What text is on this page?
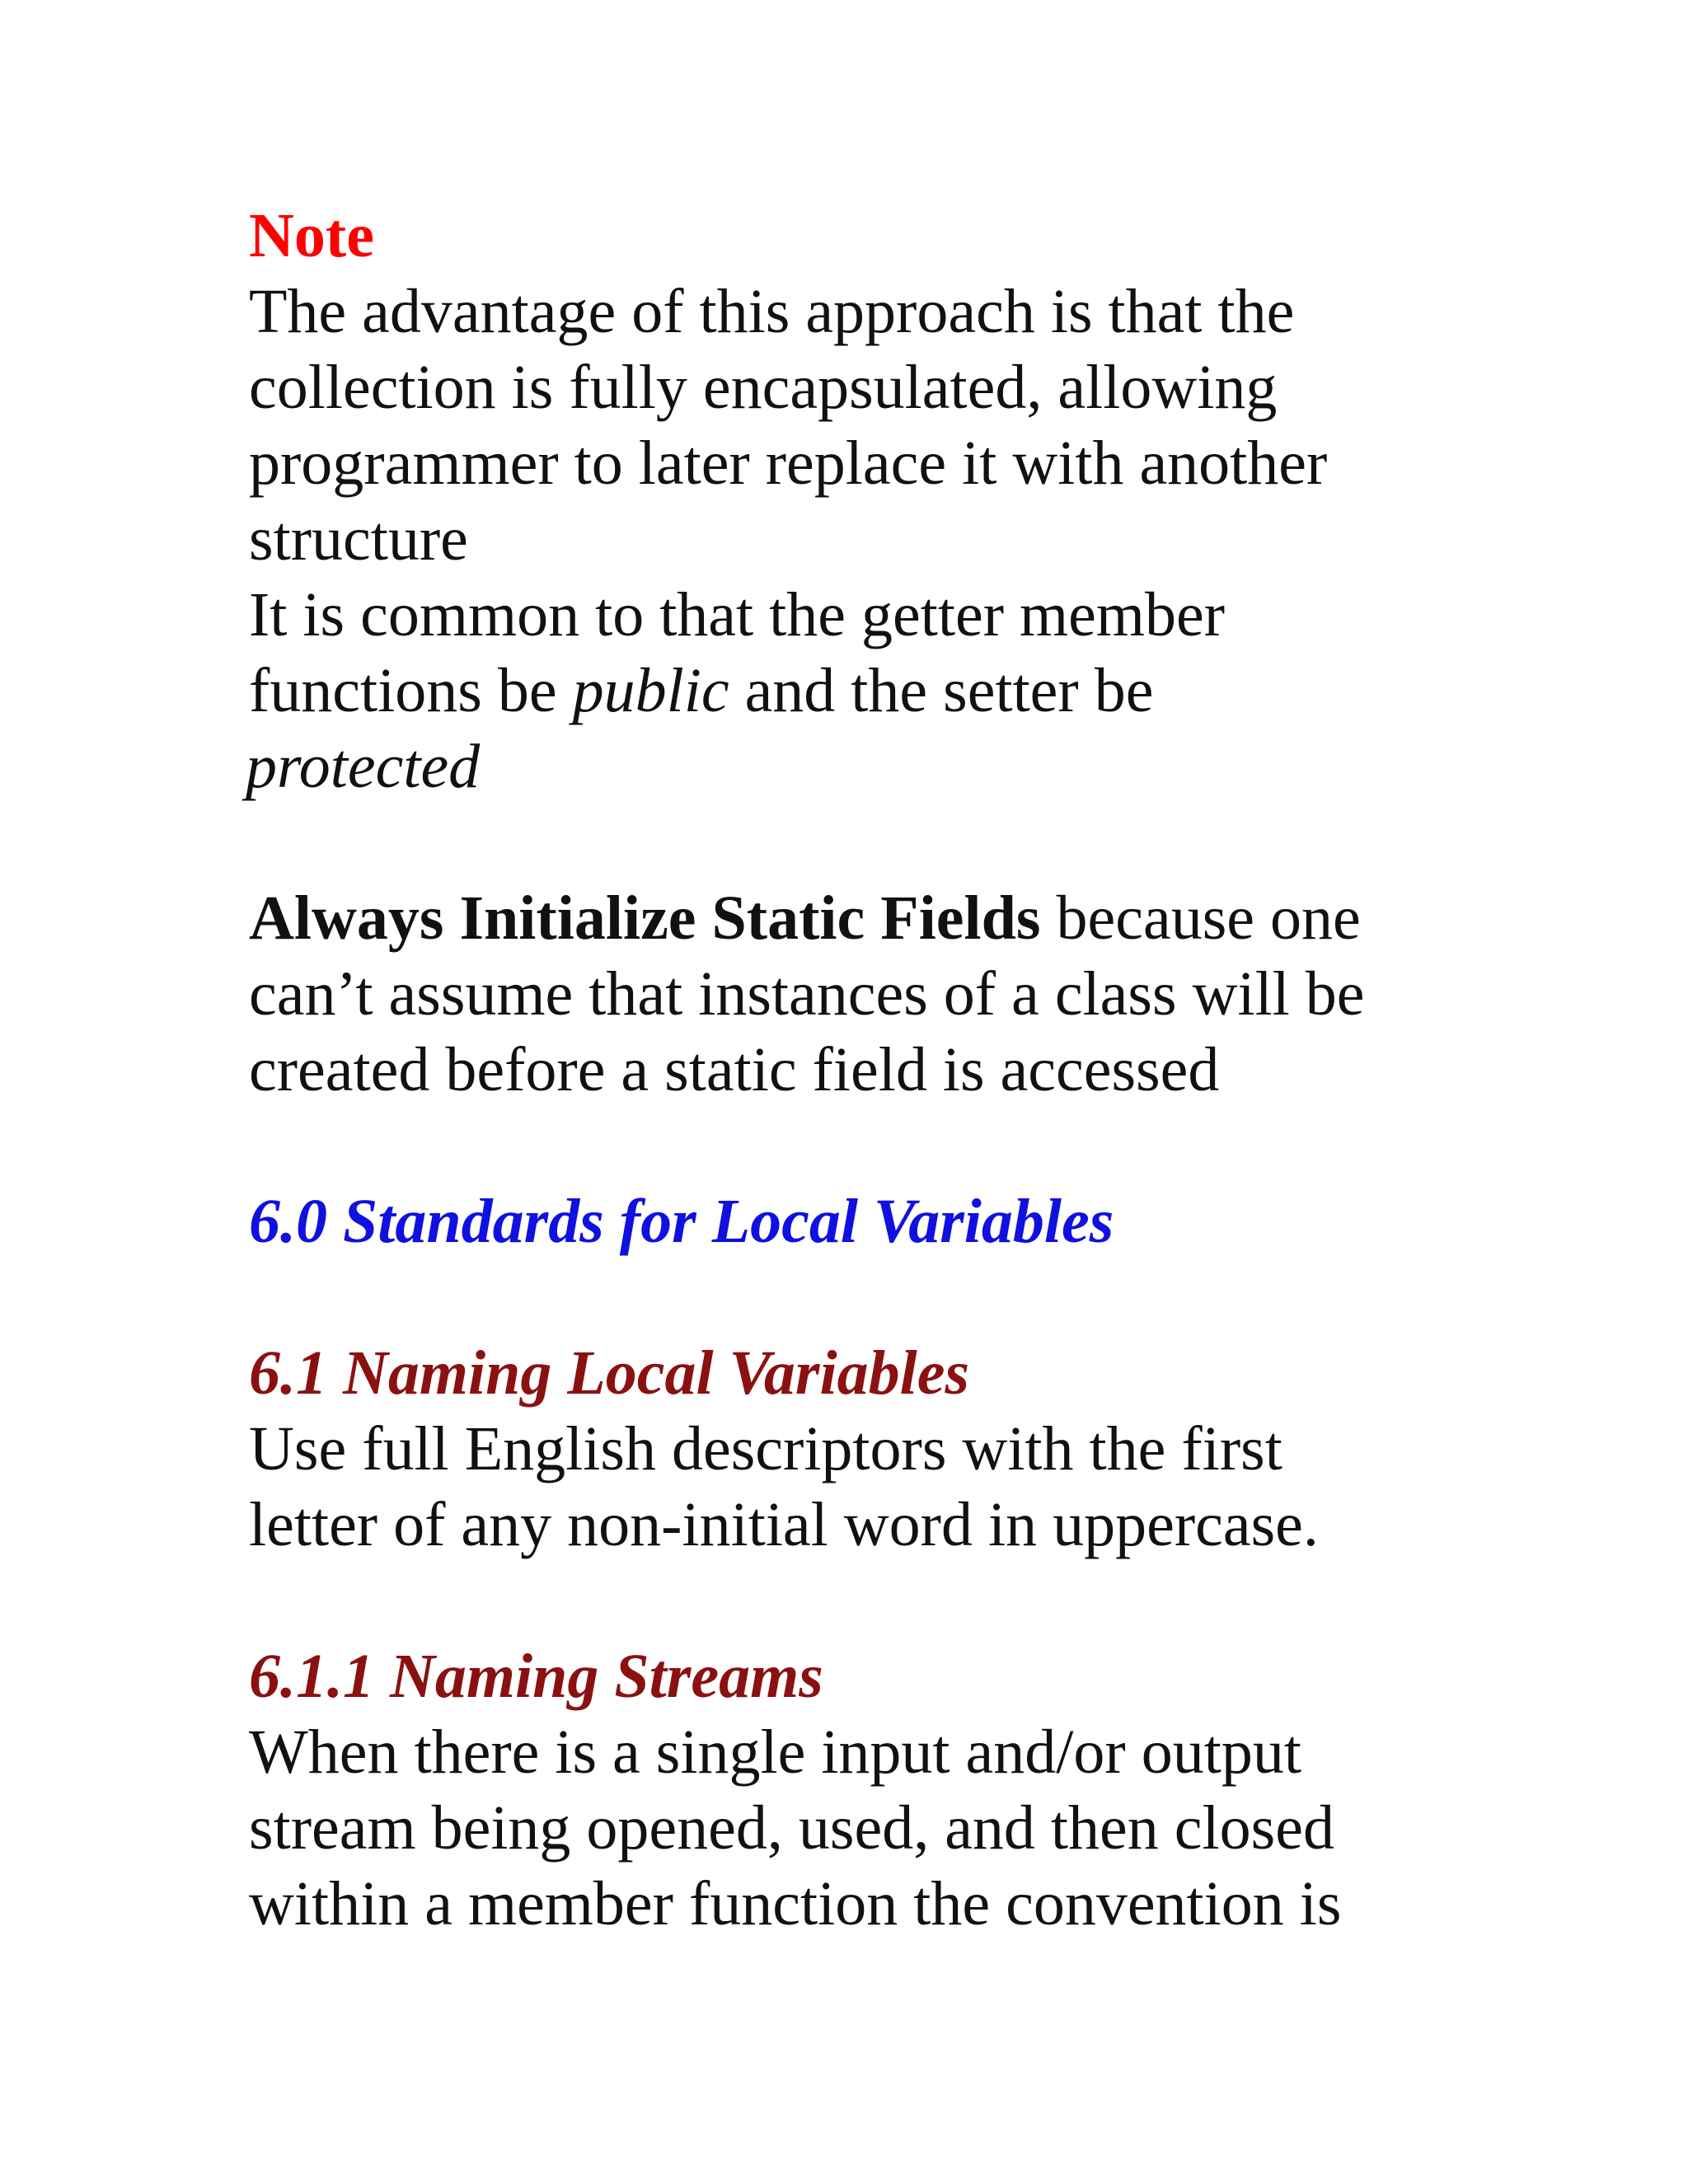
Note
The advantage of this approach is that the
collection is fully encapsulated, allowing
programmer to later replace it with another
structure
It is common to that the getter member
functions be public and the setter be
protected
Always Initialize Static Fields because one
can’t assume that instances of a class will be
created before a static field is accessed
6.0 Standards for Local Variables
6.1 Naming Local Variables
Use full English descriptors with the first
letter of any non-initial word in uppercase.
6.1.1 Naming Streams
When there is a single input and/or output
stream being opened, used, and then closed
within a member function the convention is
